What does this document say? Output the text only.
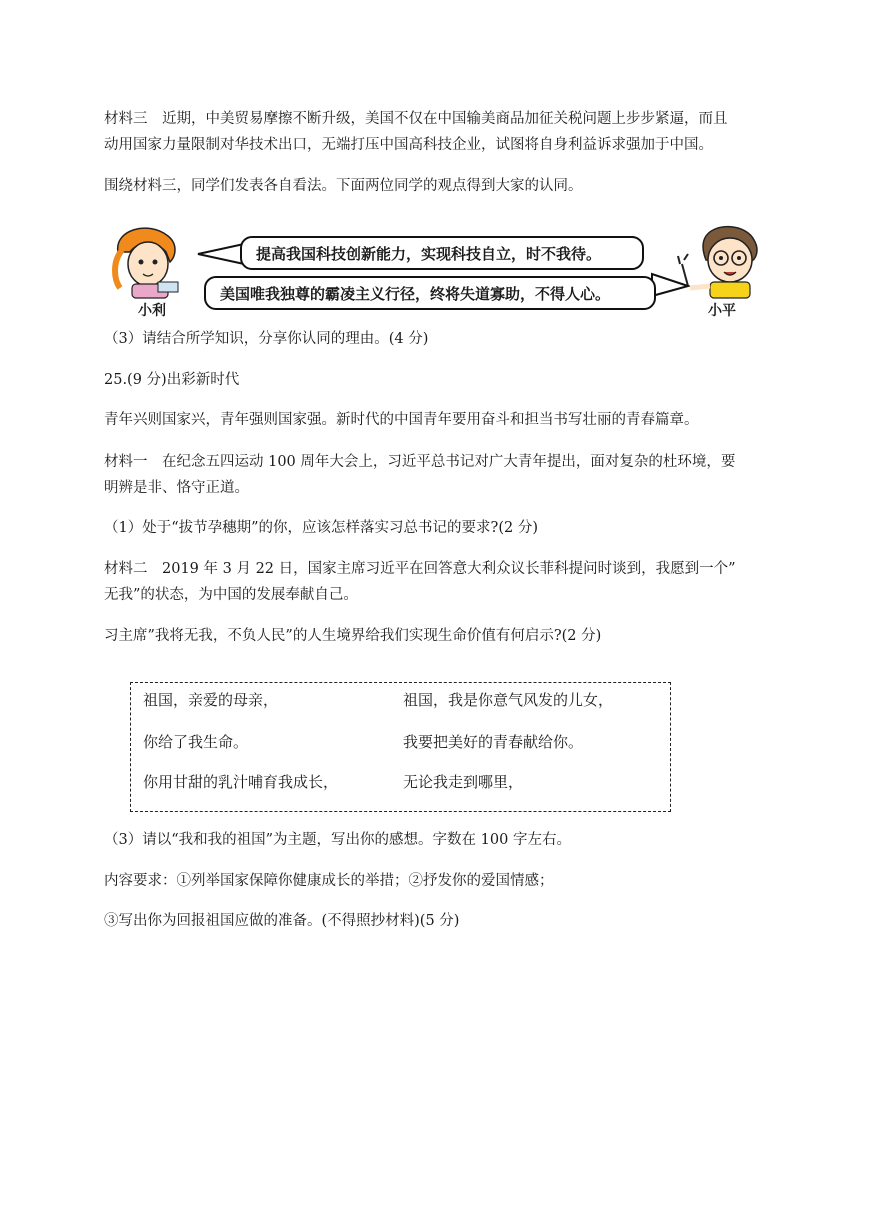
材料三　近期，中美贸易摩擦不断升级，美国不仅在中国输美商品加征关税问题上步步紧逼，而且

动用国家力量限制对华技术出口，无端打压中国高科技企业，试图将自身利益诉求强加于中国。

围绕材料三，同学们发表各自看法。下面两位同学的观点得到大家的认同。

提高我国科技创新能力，实现科技自立，时不我待。
美国唯我独尊的霸凌主义行径，终将失道寡助，不得人心。
小利	小平

（3）请结合所学知识，分享你认同的理由。(4 分)

25.(9 分)出彩新时代

青年兴则国家兴，青年强则国家强。新时代的中国青年要用奋斗和担当书写壮丽的青春篇章。

材料一　在纪念五四运动 100 周年大会上，习近平总书记对广大青年提出，面对复杂的杜环境，要

明辨是非、恪守正道。

（1）处于“拔节孕穗期”的你，应该怎样落实习总书记的要求?(2 分)

材料二　2019 年 3 月 22 日，国家主席习近平在回答意大利众议长菲科提问时谈到，我愿到一个”

无我”的状态，为中国的发展奉献自己。

习主席”我将无我，不负人民”的人生境界给我们实现生命价值有何启示?(2 分)

祖国，亲爱的母亲，
你给了我生命。
你用甘甜的乳汁哺育我成长，
祖国，我是你意气风发的儿女，
我要把美好的青春献给你。
无论我走到哪里，

（3）请以“我和我的祖国”为主题，写出你的感想。字数在 100 字左右。

内容要求：①列举国家保障你健康成长的举措；②抒发你的爱国情感；

③写出你为回报祖国应做的准备。(不得照抄材料)(5 分)
